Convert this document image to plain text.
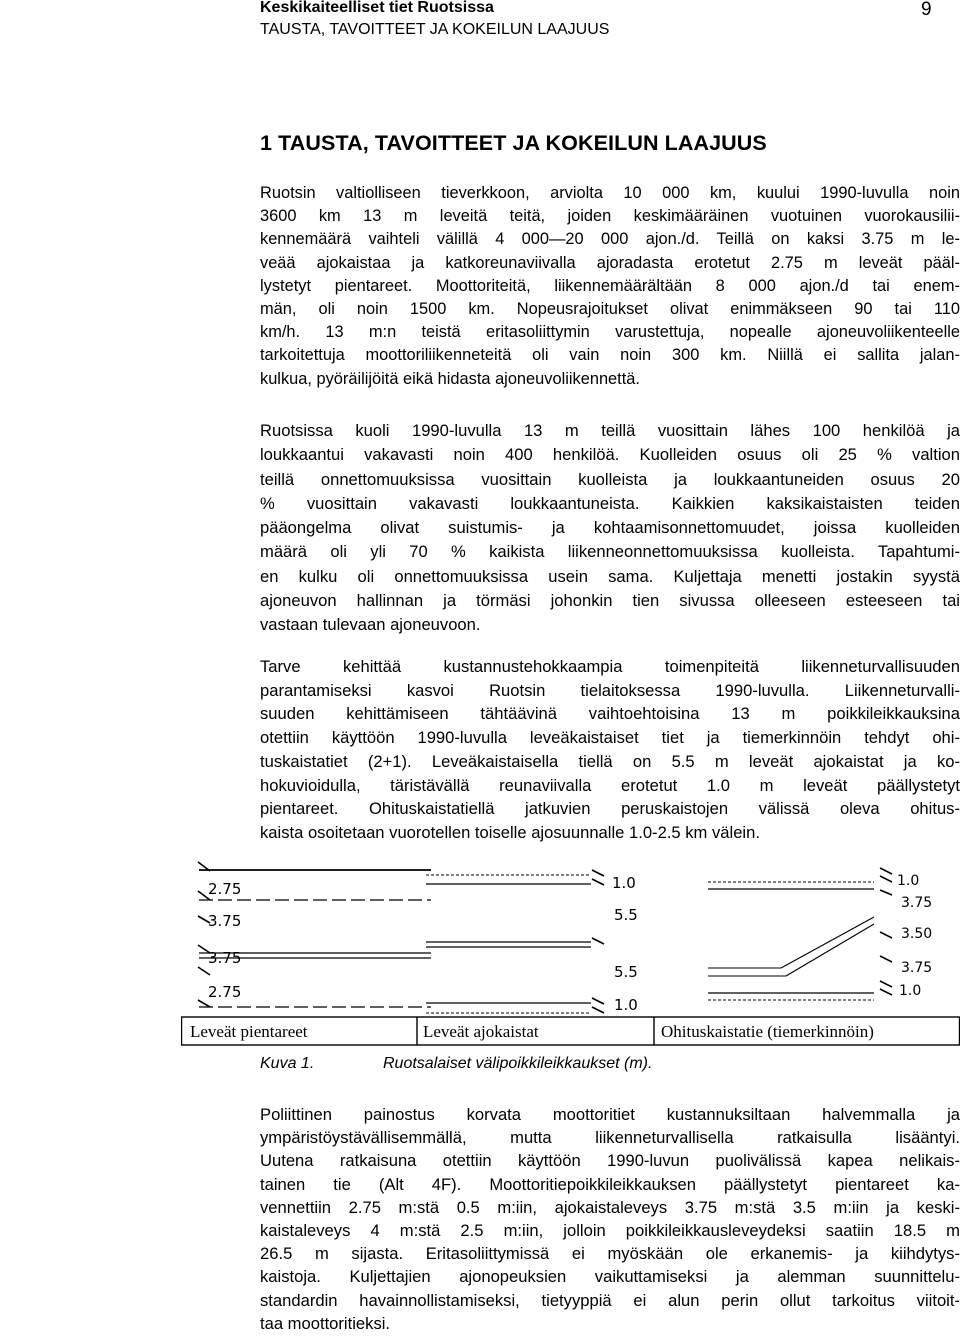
Keskikaiteelliset tiet Ruotsissa
TAUSTA, TAVOITTEET JA KOKEILUN LAAJUUS
9
1 TAUSTA, TAVOITTEET JA KOKEILUN LAAJUUS
Ruotsin valtiolliseen tieverkkoon, arviolta 10 000 km, kuului 1990-luvulla noin
3600 km 13 m leveitä teitä, joiden keskimääräinen vuotuinen vuorokausilii-
kennemäärä vaihteli välillä 4 000—20 000 ajon./d. Teillä on kaksi 3.75 m le-
veää ajokaistaa ja katkoreunaviivalla ajoradasta erotetut 2.75 m leveät pääl-
lystetyt pientareet. Moottoriteitä, liikennemäärältään 8 000 ajon./d tai enem-
män, oli noin 1500 km. Nopeusrajoitukset olivat enimmäkseen 90 tai 110
km/h. 13 m:n teistä eritasoliittymin varustettuja, nopealle ajoneuvoliikenteelle
tarkoitettuja moottoriliikenneteitä oli vain noin 300 km. Niillä ei sallita jalan-
kulkua, pyöräilijöitä eikä hidasta ajoneuvoliikennettä.
Ruotsissa kuoli 1990-luvulla 13 m teillä vuosittain lähes 100 henkilöä ja
loukkaantui vakavasti noin 400 henkilöä. Kuolleiden osuus oli 25 % valtion
teillä onnettomuuksissa vuosittain kuolleista ja loukkaantuneiden osuus 20
% vuosittain vakavasti loukkaantuneista. Kaikkien kaksikaistaisten teiden
pääongelma olivat suistumis- ja kohtaamisonnettomuudet, joissa kuolleiden
määrä oli yli 70 % kaikista liikenneonnettomuuksissa kuolleista. Tapahtumi-
en kulku oli onnettomuuksissa usein sama. Kuljettaja menetti jostakin syystä
ajoneuvon hallinnan ja törmäsi johonkin tien sivussa olleeseen esteeseen tai
vastaan tulevaan ajoneuvoon.
Tarve kehittää kustannustehokkaampia toimenpiteitä liikenneturvallisuuden
parantamiseksi kasvoi Ruotsin tielaitoksessa 1990-luvulla. Liikenneturvalli-
suuden kehittämiseen tähtäävinä vaihtoehtoisina 13 m poikkileikkauksina
otettiin käyttöön 1990-luvulla leveäkaistaiset tiet ja tiemerkinnöin tehdyt ohi-
tuskaistatiet (2+1). Leveäkaistaisella tiellä on 5.5 m leveät ajokaistat ja ko-
hokuvioidulla, täristävällä reunaviivalla erotetut 1.0 m leveät päällystetyt
pientareet. Ohituskaistatiellä jatkuvien peruskaistojen välissä oleva ohitus-
kaista osoitetaan vuorotellen toiselle ajosuunnalle 1.0-2.5 km välein.
2.75
3.75
3.75
2.75
1.0
5.5
5.5
1.0
1.0
3.75
3.50
3.75
1.0
Leveät pientareet	Leveät ajokaistat	Ohituskaistatie (tiemerkinnöin)
Kuva 1.	Ruotsalaiset välipoikkileikkaukset (m).
Poliittinen painostus korvata moottoritiet kustannuksiltaan halvemmalla ja
ympäristöystävällisemmällä, mutta liikenneturvallisella ratkaisulla lisääntyi.
Uutena ratkaisuna otettiin käyttöön 1990-luvun puolivälissä kapea nelikais-
tainen tie (Alt 4F). Moottoritiepoikkileikkauksen päällystetyt pientareet ka-
vennettiin 2.75 m:stä 0.5 m:iin, ajokaistaleveys 3.75 m:stä 3.5 m:iin ja keski-
kaistaleveys 4 m:stä 2.5 m:iin, jolloin poikkileikkausleveydeksi saatiin 18.5 m
26.5 m sijasta. Eritasoliittymissä ei myöskään ole erkanemis- ja kiihdytys-
kaistoja. Kuljettajien ajonopeuksien vaikuttamiseksi ja alemman suunnittelu-
standardin havainnollistamiseksi, tietyyppiä ei alun perin ollut tarkoitus viitoit-
taa moottoritieksi.
